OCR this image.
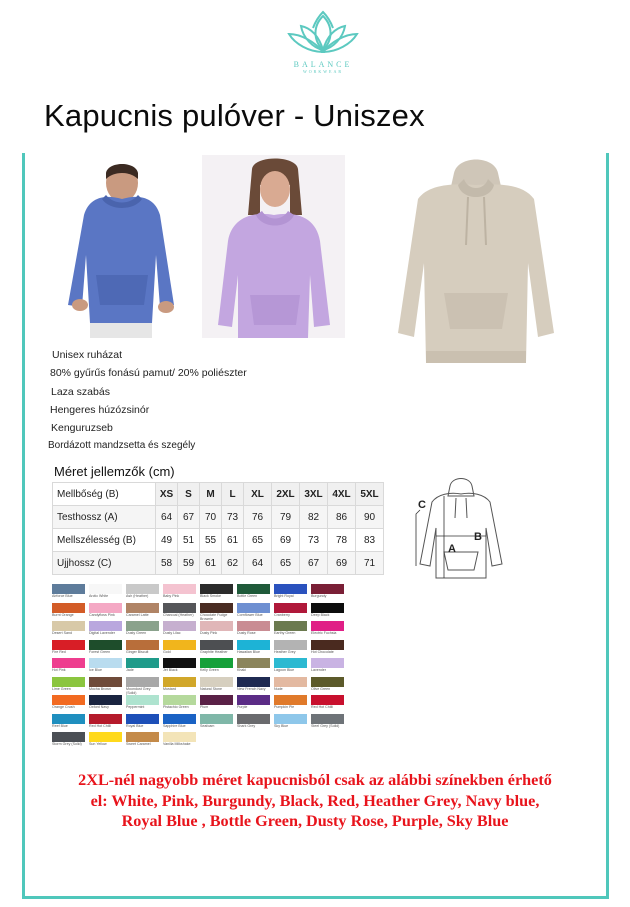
BALANCE
WORKWEAR
Kapucnis pulóver - Uniszex
Unisex ruházat
80% gyűrűs fonású pamut/ 20% poliészter
Laza szabás
Hengeres húzózsinór
Kenguruzseb
Bordázott mandzsetta és szegély
Méret jellemzők (cm)
Mellbőség (B)	XS	S	M	L	XL	2XL	3XL	4XL	5XL
Testhossz (A)	64	67	70	73	76	79	82	86	90
Mellszélesség (B)	49	51	55	61	65	69	73	78	83
Ujjhossz (C)	58	59	61	62	64	65	67	69	71
C
A
B
Airforce Blue	Arctic White	Ash (Heather)	Baby Pink	Black Smoke	Bottle Green	Bright Royal	Burgundy
Burnt Orange	Candyfloss Pink	Caramel Latte	Charcoal (Heather)	Chocolate Fudge Brownie
Cornflower Blue	Cranberry	Deep Black
Desert Sand	Digital Lavender	Dusty Green	Dusty Lilac	Dusty Pink	Dusty Rose	Earthy Green	Electric Fuchsia
Fire Red	Forest Green	Ginger Biscuit	Gold	Graphite Heather	Hawaiian Blue	Heather Grey	Hot Chocolate
Hot Pink	Ice Blue	Jade	Jet Black	Kelly Green	Khaki	Lagoon Blue	Lavender
Lime Green	Mocha Brown	Moondust Grey (Solid)
Mustard	Natural Stone	New French Navy	Nude	Olive Green
Orange Crush	Oxford Navy	Peppermint	Pistachio Green	Plum	Purple	Pumpkin Pie	Red Hot Chilli
Reef Blue	Red Hot Chilli	Royal Blue	Sapphire Blue	Seafoam	Shark Grey	Sky Blue	Steel Grey (Solid)
Storm Grey (Solid)	Sun Yellow	Sweet Caramel	Vanilla Milkshake
2XL-nél nagyobb méret kapucnisból csak az alábbi színekben érhető el: White, Pink, Burgundy, Black, Red, Heather Grey, Navy blue, Royal Blue , Bottle Green, Dusty Rose, Purple, Sky Blue
